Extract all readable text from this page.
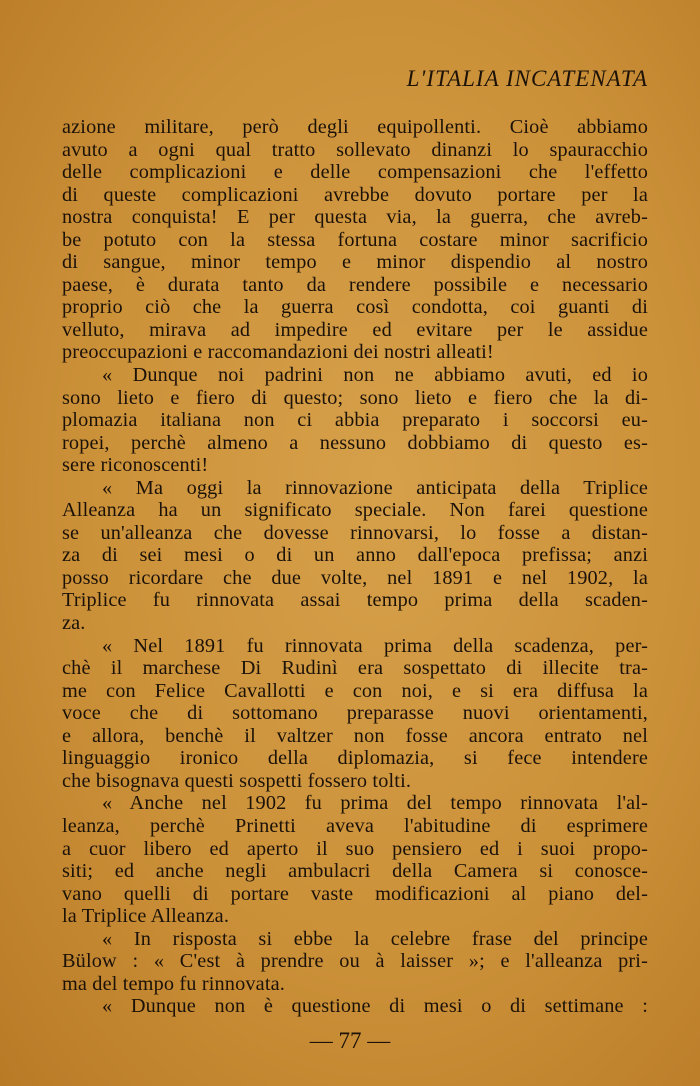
L'ITALIA INCATENATA
azione militare, però degli equipollenti. Cioè abbiamo
avuto a ogni qual tratto sollevato dinanzi lo spauracchio
delle complicazioni e delle compensazioni che l'effetto
di queste complicazioni avrebbe dovuto portare per la
nostra conquista! E per questa via, la guerra, che avreb-
be potuto con la stessa fortuna costare minor sacrificio
di sangue, minor tempo e minor dispendio al nostro
paese, è durata tanto da rendere possibile e necessario
proprio ciò che la guerra così condotta, coi guanti di
velluto, mirava ad impedire ed evitare per le assidue
preoccupazioni e raccomandazioni dei nostri alleati!
« Dunque noi padrini non ne abbiamo avuti, ed io
sono lieto e fiero di questo; sono lieto e fiero che la di-
plomazia italiana non ci abbia preparato i soccorsi eu-
ropei, perchè almeno a nessuno dobbiamo di questo es-
sere riconoscenti!
« Ma oggi la rinnovazione anticipata della Triplice
Alleanza ha un significato speciale. Non farei questione
se un'alleanza che dovesse rinnovarsi, lo fosse a distan-
za di sei mesi o di un anno dall'epoca prefissa; anzi
posso ricordare che due volte, nel 1891 e nel 1902, la
Triplice fu rinnovata assai tempo prima della scaden-
za.
« Nel 1891 fu rinnovata prima della scadenza, per-
chè il marchese Di Rudinì era sospettato di illecite tra-
me con Felice Cavallotti e con noi, e si era diffusa la
voce che di sottomano preparasse nuovi orientamenti,
e allora, benchè il valtzer non fosse ancora entrato nel
linguaggio ironico della diplomazia, si fece intendere
che bisognava questi sospetti fossero tolti.
« Anche nel 1902 fu prima del tempo rinnovata l'al-
leanza, perchè Prinetti aveva l'abitudine di esprimere
a cuor libero ed aperto il suo pensiero ed i suoi propo-
siti; ed anche negli ambulacri della Camera si conosce-
vano quelli di portare vaste modificazioni al piano del-
la Triplice Alleanza.
« In risposta si ebbe la celebre frase del principe
Bülow : « C'est à prendre ou à laisser »; e l'alleanza pri-
ma del tempo fu rinnovata.
« Dunque non è questione di mesi o di settimane :
— 77 —
